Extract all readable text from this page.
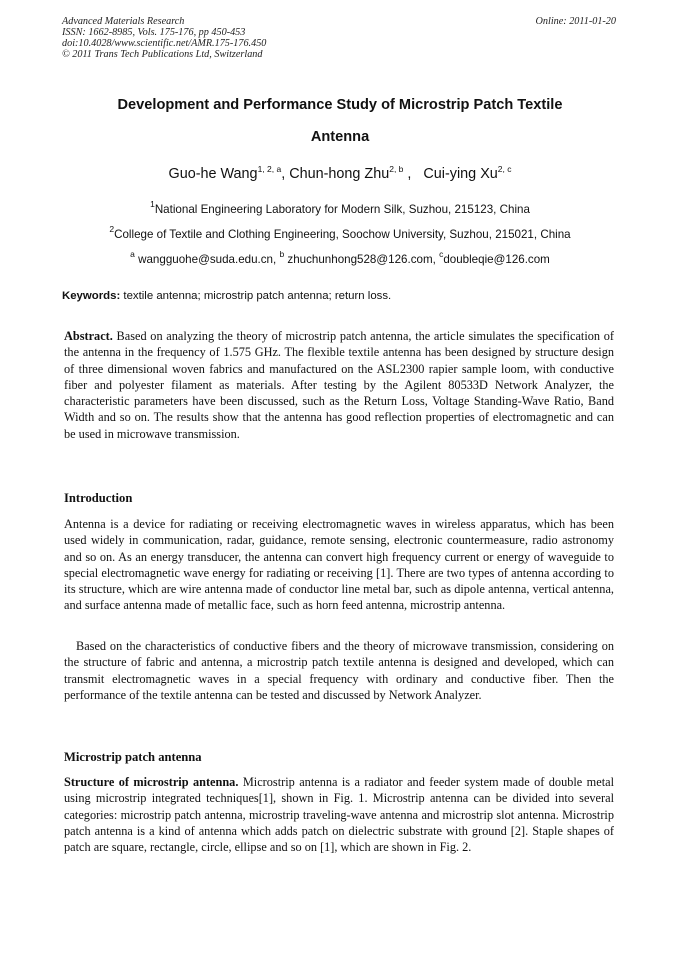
Advanced Materials Research
ISSN: 1662-8985, Vols. 175-176, pp 450-453
doi:10.4028/www.scientific.net/AMR.175-176.450
© 2011 Trans Tech Publications Ltd, Switzerland
Online: 2011-01-20
Development and Performance Study of Microstrip Patch Textile
Antenna
Guo-he Wang$^{1, 2, a}$, Chun-hong Zhu$^{2, b}$ ,   Cui-ying Xu$^{2, c}$
$^1$National Engineering Laboratory for Modern Silk, Suzhou, 215123, China
$^2$College of Textile and Clothing Engineering, Soochow University, Suzhou, 215021, China
$^a$ wangguohe@suda.edu.cn, $^b$ zhuchunhong528@126.com, $^c$doubleqie@126.com
Keywords: textile antenna; microstrip patch antenna; return loss.

Abstract. Based on analyzing the theory of microstrip patch antenna, the article simulates the specification of the antenna in the frequency of 1.575 GHz. The flexible textile antenna has been designed by structure design of three dimensional woven fabrics and manufactured on the ASL2300 rapier sample loom, with conductive fiber and polyester filament as materials. After testing by the Agilent 80533D Network Analyzer, the characteristic parameters have been discussed, such as the Return Loss, Voltage Standing-Wave Ratio, Band Width and so on. The results show that the antenna has good reflection properties of electromagnetic and can be used in microwave transmission.

Introduction

Antenna is a device for radiating or receiving electromagnetic waves in wireless apparatus, which has been used widely in communication, radar, guidance, remote sensing, electronic countermeasure, radio astronomy and so on. As an energy transducer, the antenna can convert high frequency current or energy of waveguide to special electromagnetic wave energy for radiating or receiving [1]. There are two types of antenna according to its structure, which are wire antenna made of conductor line metal bar, such as dipole antenna, vertical antenna, and surface antenna made of metallic face, such as horn feed antenna, microstrip antenna.

Based on the characteristics of conductive fibers and the theory of microwave transmission, considering on the structure of fabric and antenna, a microstrip patch textile antenna is designed and developed, which can transmit electromagnetic waves in a special frequency with ordinary and conductive fiber. Then the performance of the textile antenna can be tested and discussed by Network Analyzer.

Microstrip patch antenna

Structure of microstrip antenna. Microstrip antenna is a radiator and feeder system made of double metal using microstrip integrated techniques[1], shown in Fig. 1. Microstrip antenna can be divided into several categories: microstrip patch antenna, microstrip traveling-wave antenna and microstrip slot antenna. Microstrip patch antenna is a kind of antenna which adds patch on dielectric substrate with ground [2]. Staple shapes of patch are square, rectangle, circle, ellipse and so on [1], which are shown in Fig. 2.
